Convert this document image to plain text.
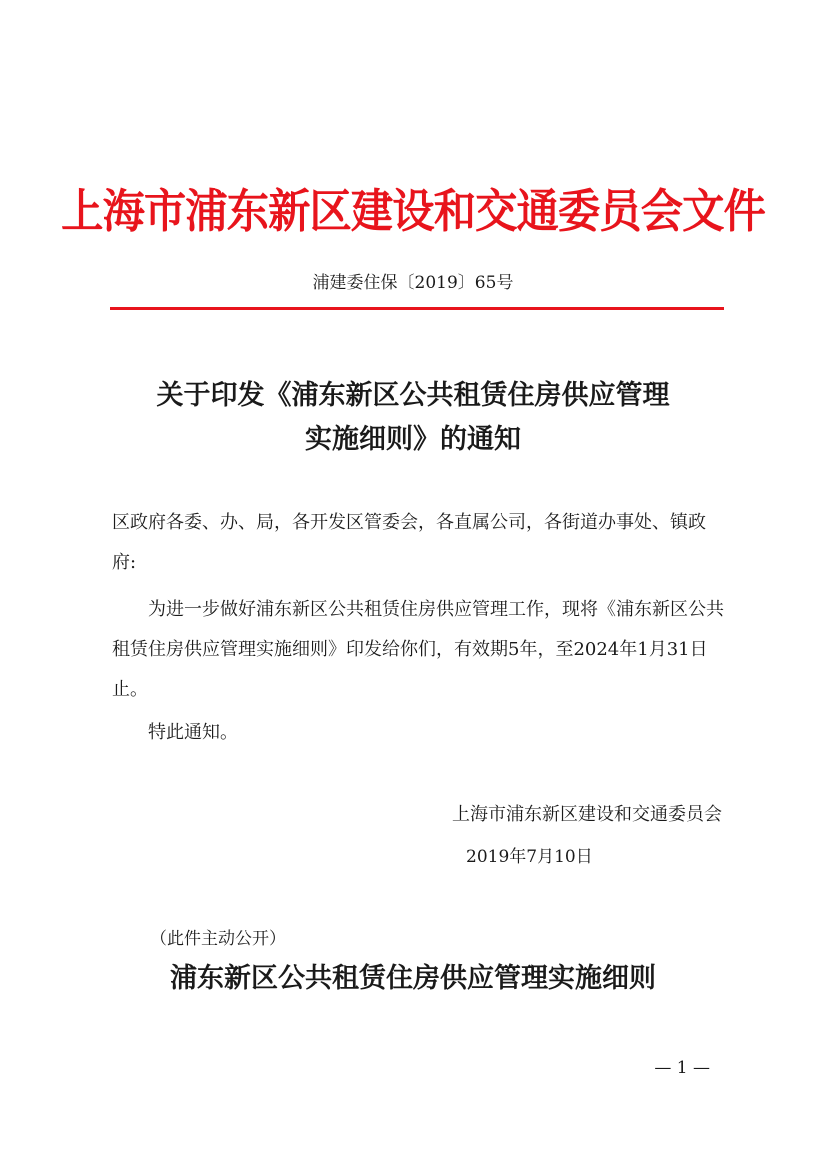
上海市浦东新区建设和交通委员会文件
浦建委住保〔2019〕65号
关于印发《浦东新区公共租赁住房供应管理
实施细则》的通知
区政府各委、办、局，各开发区管委会，各直属公司，各街道办事处、镇政府:
为进一步做好浦东新区公共租赁住房供应管理工作，现将《浦东新区公共租赁住房供应管理实施细则》印发给你们，有效期5年，至2024年1月31日止。
特此通知。
上海市浦东新区建设和交通委员会
2019年7月10日
（此件主动公开）
浦东新区公共租赁住房供应管理实施细则
— 1 —
